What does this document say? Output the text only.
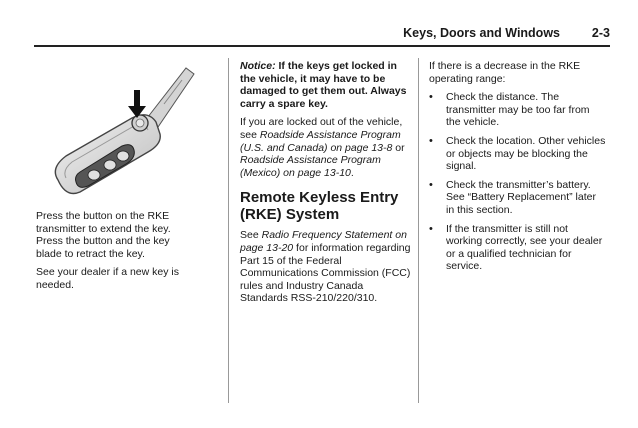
Keys, Doors and Windows	2-3

Press the button on the RKE transmitter to extend the key. Press the button and the key blade to retract the key.

See your dealer if a new key is needed.

Notice: If the keys get locked in the vehicle, it may have to be damaged to get them out. Always carry a spare key.

If you are locked out of the vehicle, see Roadside Assistance Program (U.S. and Canada) on page 13-8 or Roadside Assistance Program (Mexico) on page 13-10.

Remote Keyless Entry (RKE) System

See Radio Frequency Statement on page 13-20 for information regarding Part 15 of the Federal Communications Commission (FCC) rules and Industry Canada Standards RSS-210/220/310.

If there is a decrease in the RKE operating range:

• Check the distance. The transmitter may be too far from the vehicle.
• Check the location. Other vehicles or objects may be blocking the signal.
• Check the transmitter’s battery. See “Battery Replacement” later in this section.
• If the transmitter is still not working correctly, see your dealer or a qualified technician for service.
